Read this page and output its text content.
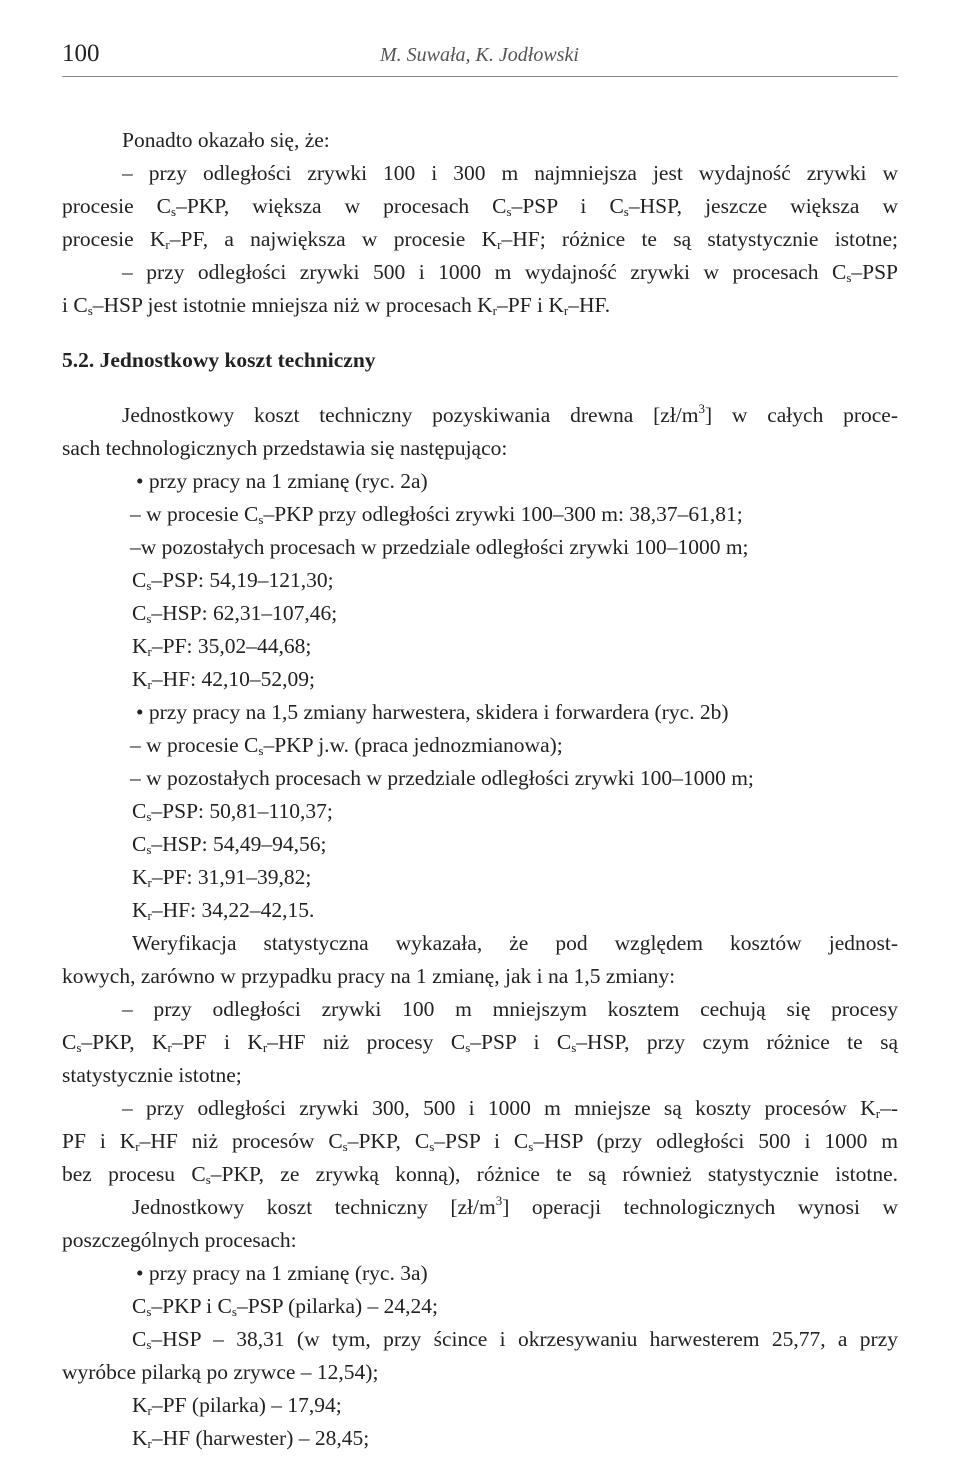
100	M. Suwała, K. Jodłowski

Ponadto okazało się, że:

– przy odległości zrywki 100 i 300 m najmniejsza jest wydajność zrywki w

procesie $C_s$–PKP, większa w procesach $C_s$–PSP i $C_s$–HSP, jeszcze większa w

procesie $K_r-PF$, a największa w procesie $K_r-HF$; różnice te są statystycznie istotne;

– przy odległości zrywki 500 i 1000 m wydajność zrywki w procesach $C_s$–PSP

i $C_s$–HSP jest istotnie mniejsza niż w procesach $K_r-PF$ i $K_r-HF$.

5.2. Jednostkowy koszt techniczny

Jednostkowy koszt techniczny pozyskiwania drewna $[zł/m^3]$ w całych proce-

sach technologicznych przedstawia się następująco:

• przy pracy na 1 zmianę (ryc. 2a)

– w procesie $C_s$–PKP przy odległości zrywki 100–300 m: 38,37–61,81;

–w pozostałych procesach w przedziale odległości zrywki 100–1000 m;

$C_s$–PSP: 54,19–121,30;

$C_s$–HSP: 62,31–107,46;

$K_r-PF$: 35,02–44,68;

$K_r-HF$: 42,10–52,09;

• przy pracy na 1,5 zmiany harwestera, skidera i forwardera (ryc. 2b)

– w procesie $C_s$–PKP j.w. (praca jednozmianowa);

– w pozostałych procesach w przedziale odległości zrywki 100–1000 m;

$C_s$–PSP: 50,81–110,37;

$C_s$–HSP: 54,49–94,56;

$K_r-PF$: 31,91–39,82;

$K_r-HF$: 34,22–42,15.

Weryfikacja statystyczna wykazała, że pod względem kosztów jednost-

kowych, zarówno w przypadku pracy na 1 zmianę, jak i na 1,5 zmiany:

– przy odległości zrywki 100 m mniejszym kosztem cechują się procesy

$C_s$–PKP, $K_r-PF$ i $K_r-HF$ niż procesy $C_s$–PSP i $C_s$–HSP, przy czym różnice te są

statystycznie istotne;

– przy odległości zrywki 300, 500 i 1000 m mniejsze są koszty procesów $K_r--$

PF i $K_r-HF$ niż procesów $C_s$–PKP, $C_s$–PSP i $C_s$–HSP (przy odległości 500 i 1000 m

bez procesu $C_s$–PKP, ze zrywką konną), różnice te są również statystycznie istotne.

Jednostkowy koszt techniczny $[zł/m^3]$ operacji technologicznych wynosi w

poszczególnych procesach:

• przy pracy na 1 zmianę (ryc. 3a)

$C_s$–PKP i $C_s$–PSP (pilarka) – 24,24;

$C_s$–HSP – 38,31 (w tym, przy ścince i okrzesywaniu harwesterem 25,77, a przy

wyróbce pilarką po zrywce – 12,54);

$K_r-PF$ (pilarka) – 17,94;

$K_r-HF$ (harwester) – 28,45;
